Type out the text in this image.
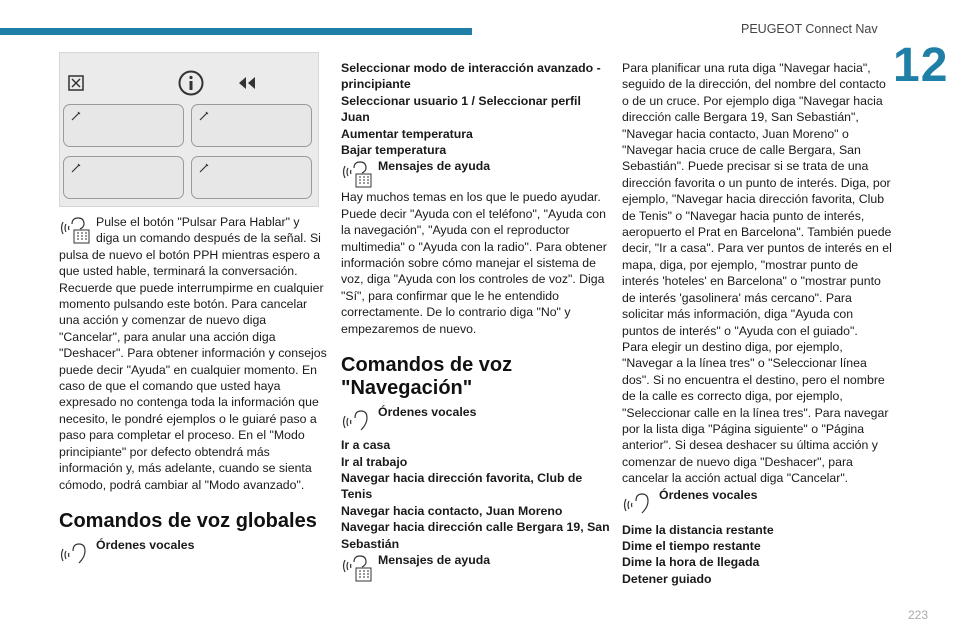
PEUGEOT Connect Nav
12
Pulse el botón "Pulsar Para Hablar" y
diga un comando después de la señal. Si

pulsa de nuevo el botón PPH mientras espero a que usted hable, terminará la conversación. Recuerde que puede interrumpirme en cualquier momento pulsando este botón. Para cancelar una acción y comenzar de nuevo diga "Cancelar", para anular una acción diga "Deshacer". Para obtener información y consejos puede decir "Ayuda" en cualquier momento. En caso de que el comando que usted haya expresado no contenga toda la información que necesito, le pondré ejemplos o le guiaré paso a paso para completar el proceso. En el "Modo principiante" por defecto obtendrá más información y, más adelante, cuando se sienta cómodo, podrá cambiar al "Modo avanzado".

Comandos de voz globales

Órdenes vocales

Seleccionar modo de interacción avanzado - principiante

Seleccionar usuario 1 / Seleccionar perfil Juan

Aumentar temperatura

Bajar temperatura

Mensajes de ayuda

Hay muchos temas en los que le puedo ayudar. Puede decir "Ayuda con el teléfono", "Ayuda con la navegación", "Ayuda con el reproductor multimedia" o "Ayuda con la radio". Para obtener información sobre cómo manejar el sistema de voz, diga "Ayuda con los controles de voz". Diga "Sí", para confirmar que le he entendido correctamente. De lo contrario diga "No" y empezaremos de nuevo.

Comandos de voz "Navegación"

Órdenes vocales

Ir a casa

Ir al trabajo

Navegar hacia dirección favorita, Club de Tenis

Navegar hacia contacto, Juan Moreno

Navegar hacia dirección calle Bergara 19, San Sebastián

Mensajes de ayuda

Para planificar una ruta diga "Navegar hacia", seguido de la dirección, del nombre del contacto o de un cruce. Por ejemplo diga "Navegar hacia dirección calle Bergara 19, San Sebastián", "Navegar hacia contacto, Juan Moreno" o "Navegar hacia cruce de calle Bergara, San Sebastián". Puede precisar si se trata de una dirección favorita o un punto de interés. Diga, por ejemplo, "Navegar hacia dirección favorita, Club de Tenis" o "Navegar hacia punto de interés, aeropuerto el Prat en Barcelona". También puede decir, "Ir a casa". Para ver puntos de interés en el mapa, diga, por ejemplo, "mostrar punto de interés 'hoteles' en Barcelona" o "mostrar punto de interés 'gasolinera' más cercano". Para solicitar más información, diga "Ayuda con puntos de interés" o "Ayuda con el guiado".

Para elegir un destino diga, por ejemplo, "Navegar a la línea tres" o "Seleccionar línea dos". Si no encuentra el destino, pero el nombre de la calle es correcto diga, por ejemplo, "Seleccionar calle en la línea tres". Para navegar por la lista diga "Página siguiente" o "Página anterior". Si desea deshacer su última acción y comenzar de nuevo diga "Deshacer", para cancelar la acción actual diga "Cancelar".

Órdenes vocales

Dime la distancia restante

Dime el tiempo restante

Dime la hora de llegada

Detener guiado

223
